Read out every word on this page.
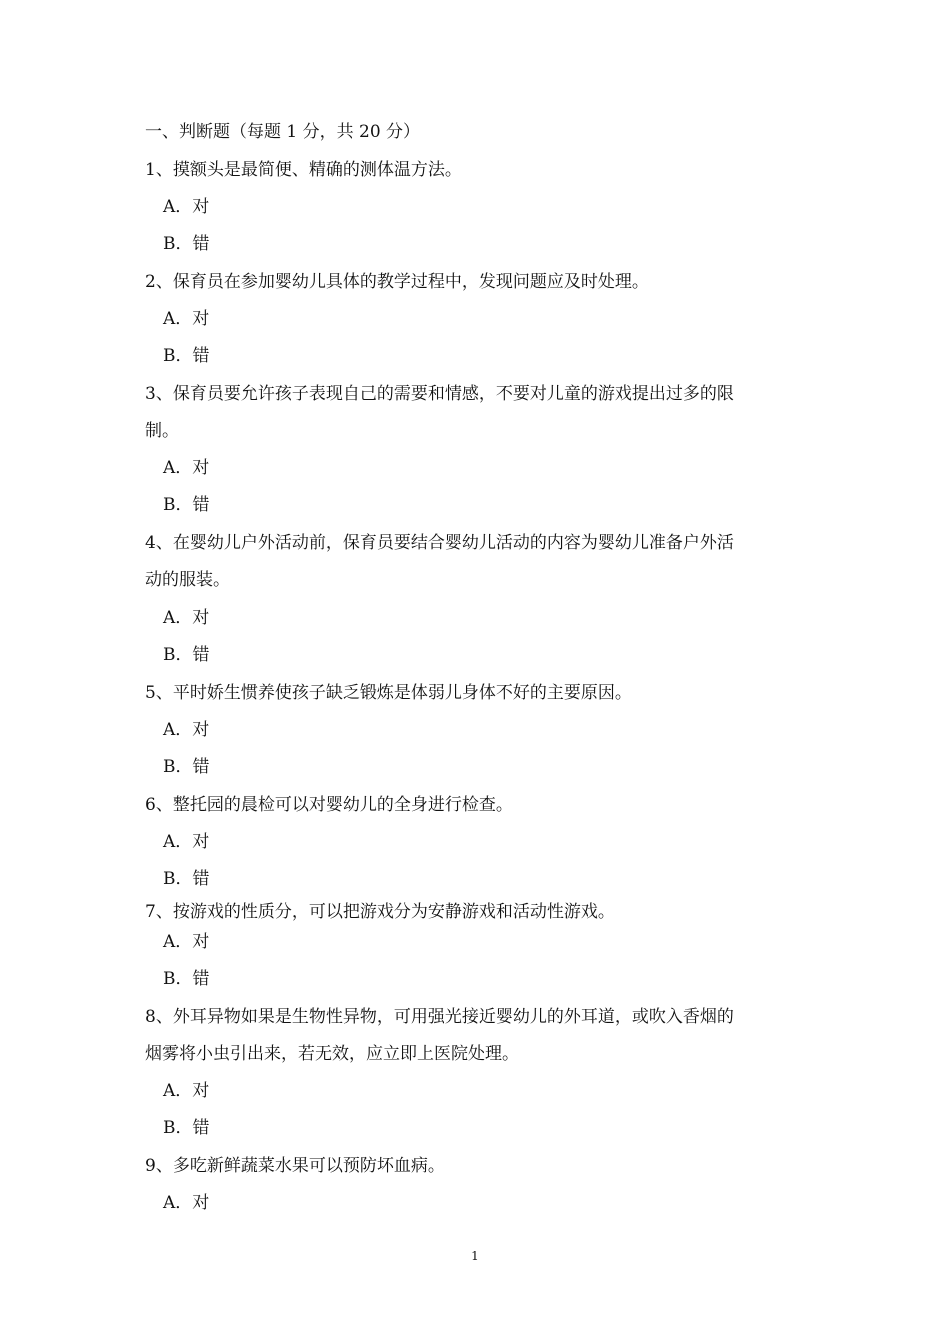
一、判断题（每题 1 分，共 20 分）
1、摸额头是最简便、精确的测体温方法。
A．对
B．错
2、保育员在参加婴幼儿具体的教学过程中，发现问题应及时处理。
A．对
B．错
3、保育员要允许孩子表现自己的需要和情感，不要对儿童的游戏提出过多的限
制。
A．对
B．错
4、在婴幼儿户外活动前，保育员要结合婴幼儿活动的内容为婴幼儿准备户外活
动的服装。
A．对
B．错
5、平时娇生惯养使孩子缺乏锻炼是体弱儿身体不好的主要原因。
A．对
B．错
6、整托园的晨检可以对婴幼儿的全身进行检查。
A．对
B．错
7、按游戏的性质分，可以把游戏分为安静游戏和活动性游戏。
A．对
B．错
8、外耳异物如果是生物性异物，可用强光接近婴幼儿的外耳道，或吹入香烟的
烟雾将小虫引出来，若无效，应立即上医院处理。
A．对
B．错
9、多吃新鲜蔬菜水果可以预防坏血病。
A．对
1
